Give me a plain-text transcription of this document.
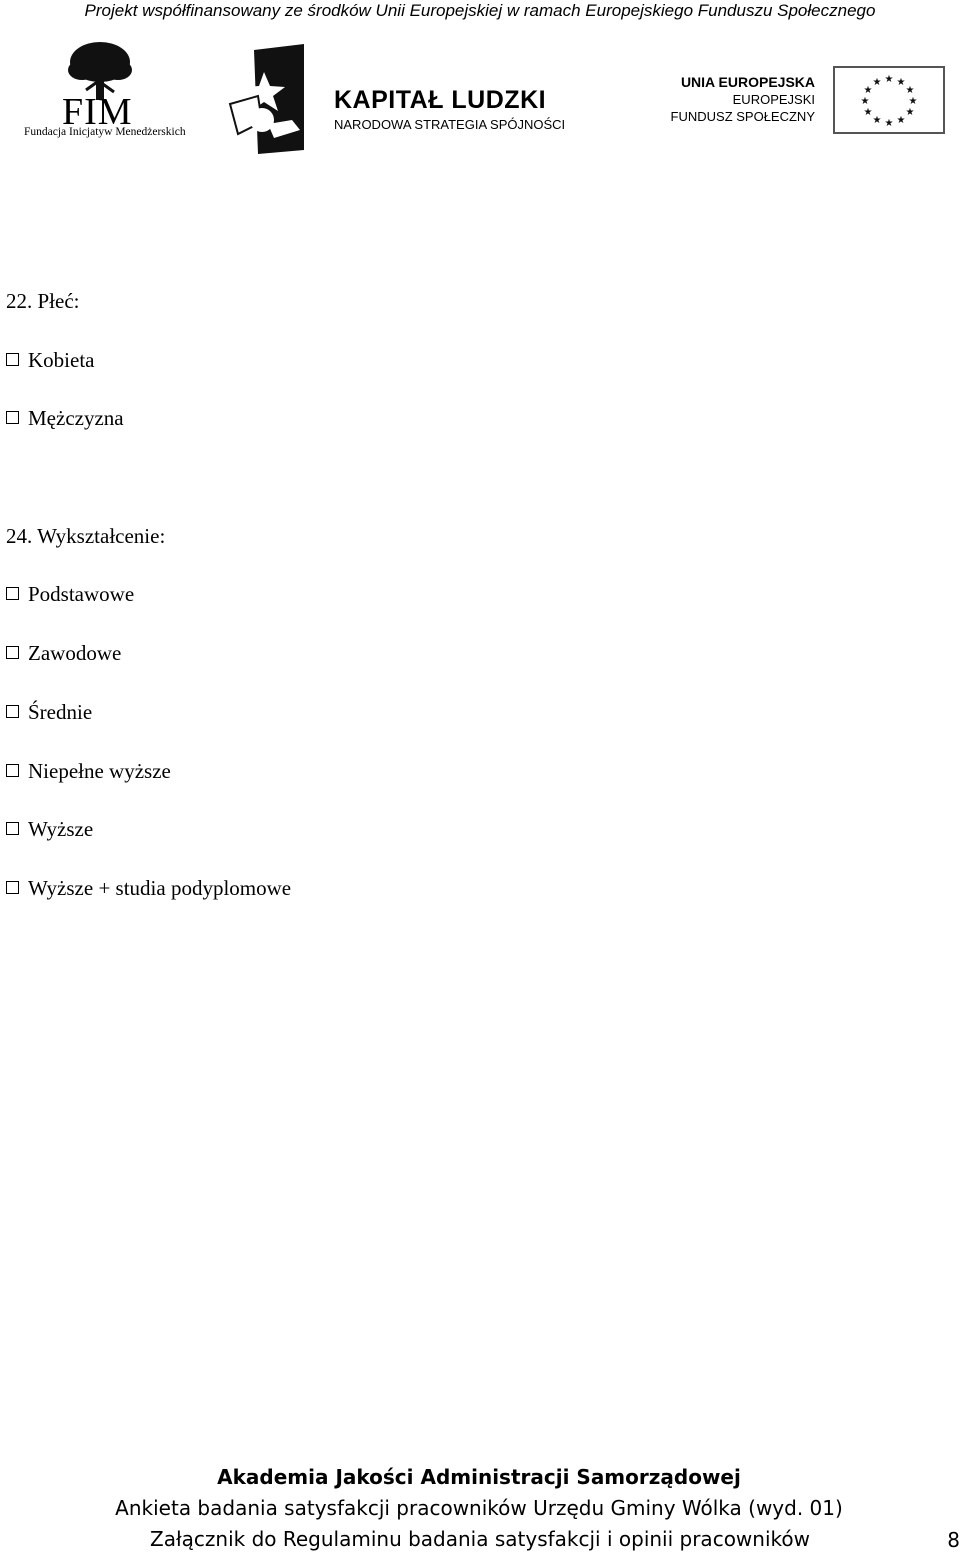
Projekt współfinansowany ze środków Unii Europejskiej w ramach Europejskiego Funduszu Społecznego
FIM
Fundacja Inicjatyw Menedżerskich
KAPITAŁ LUDZKI
NARODOWA STRATEGIA SPÓJNOŚCI
UNIA EUROPEJSKA
EUROPEJSKI
FUNDUSZ SPOŁECZNY
★ ★
★
★
★
★
★
★
★
★
★
★
22. Płeć:
Kobieta
Mężczyzna
24. Wykształcenie:
Podstawowe
Zawodowe
Średnie
Niepełne wyższe
Wyższe
Wyższe + studia podyplomowe
Akademia Jakości Administracji Samorządowej
Ankieta badania satysfakcji pracowników Urzędu Gminy Wólka (wyd. 01)
Załącznik do Regulaminu badania satysfakcji i opinii pracowników	8
